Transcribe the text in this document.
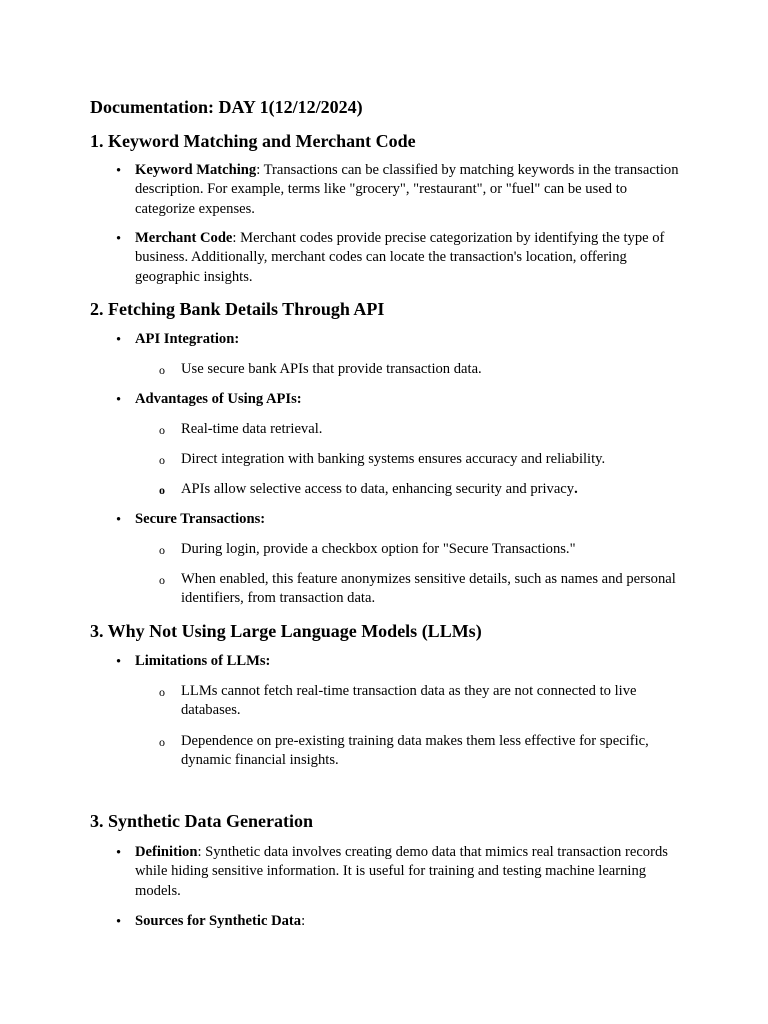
Documentation: DAY 1(12/12/2024)
1. Keyword Matching and Merchant Code
• Keyword Matching: Transactions can be classified by matching keywords in the transaction description. For example, terms like "grocery", "restaurant", or "fuel" can be used to categorize expenses.

• Merchant Code: Merchant codes provide precise categorization by identifying the type of business. Additionally, merchant codes can locate the transaction's location, offering geographic insights.

2. Fetching Bank Details Through API
• API Integration:

o Use secure bank APIs that provide transaction data.

• Advantages of Using APIs:

o Real-time data retrieval.

o Direct integration with banking systems ensures accuracy and reliability.

o APIs allow selective access to data, enhancing security and privacy.

• Secure Transactions:

o During login, provide a checkbox option for "Secure Transactions."

o When enabled, this feature anonymizes sensitive details, such as names and personal identifiers, from transaction data.

3. Why Not Using Large Language Models (LLMs)
• Limitations of LLMs:

o LLMs cannot fetch real-time transaction data as they are not connected to live databases.

o Dependence on pre-existing training data makes them less effective for specific, dynamic financial insights.

3. Synthetic Data Generation
• Definition: Synthetic data involves creating demo data that mimics real transaction records while hiding sensitive information. It is useful for training and testing machine learning models.

• Sources for Synthetic Data:
